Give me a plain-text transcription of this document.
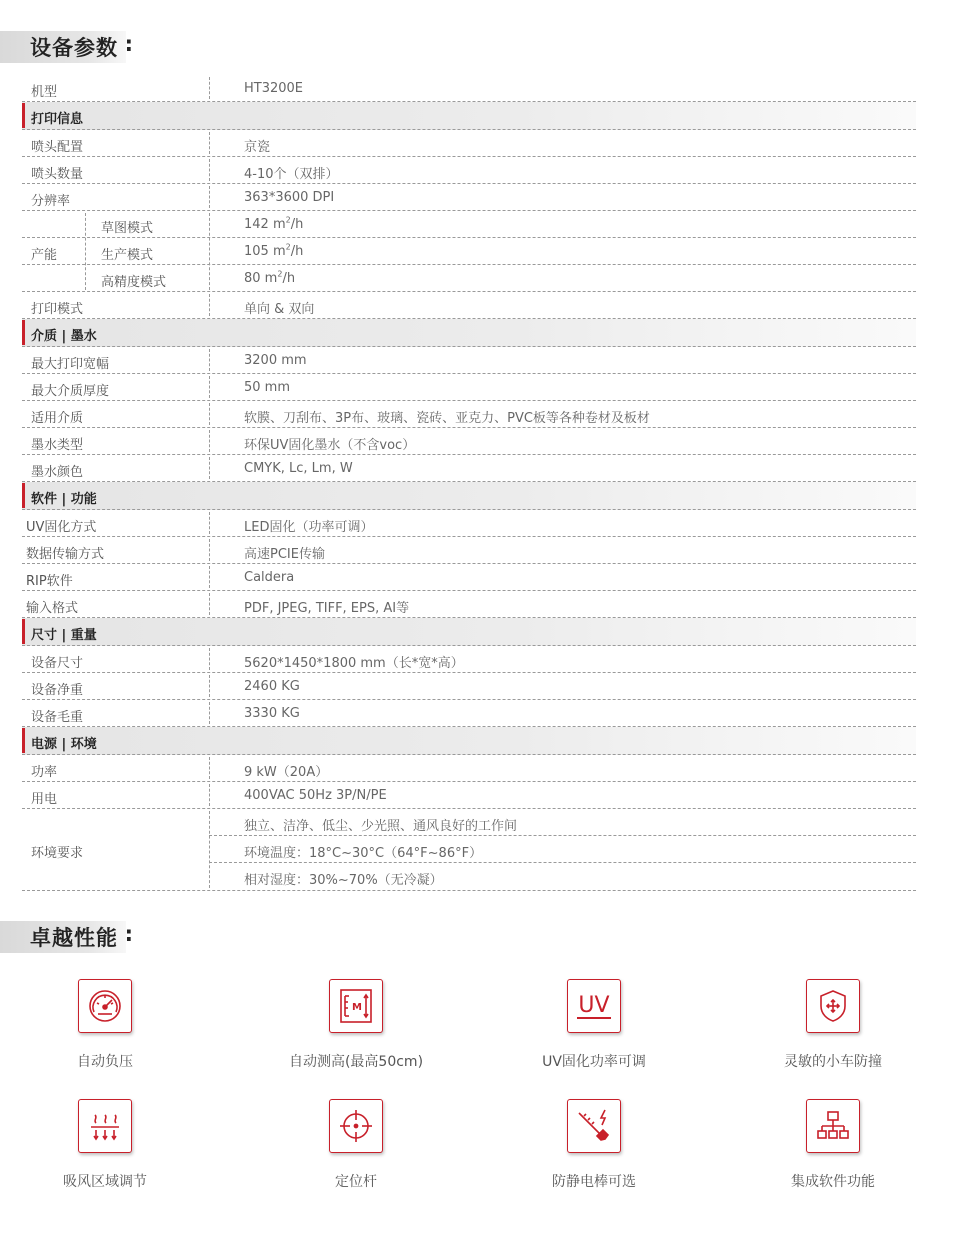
设备参数 :
机型	HT3200E
打印信息
喷头配置	京瓷
喷头数量	4-10个（双排）
分辨率	363*3600 DPI
产能
草图模式	142 $m^2/h$
生产模式	105 $m^2/h$
高精度模式	80 $m^2/h$
打印模式	单向 & 双向
介质 | 墨水
最大打印宽幅	3200 mm
最大介质厚度	50 mm
适用介质	软膜、刀刮布、3P布、玻璃、瓷砖、亚克力、PVC板等各种卷材及板材
墨水类型	环保UV固化墨水（不含voc）
墨水颜色	CMYK, Lc, Lm, W
软件 | 功能
UV固化方式	LED固化（功率可调）
数据传输方式	高速PCIE传输
RIP软件	Caldera
输入格式	PDF, JPEG, TIFF, EPS, AI等
尺寸 | 重量
设备尺寸	5620*1450*1800 mm（长*宽*高）
设备净重	2460 KG
设备毛重	3330 KG
电源 | 环境
功率	9 kW（20A）
用电	400VAC 50Hz 3P/N/PE
环境要求
独立、洁净、低尘、少光照、通风良好的工作间
环境温度：18°C~30°C（64°F~86°F）
相对湿度：30%~70%（无冷凝）
卓越性能 :
自动负压
M
自动测高(最高50cm)
UV
UV固化功率可调	灵敏的小车防撞
吸风区域调节	定位杆	防静电棒可选	集成软件功能
